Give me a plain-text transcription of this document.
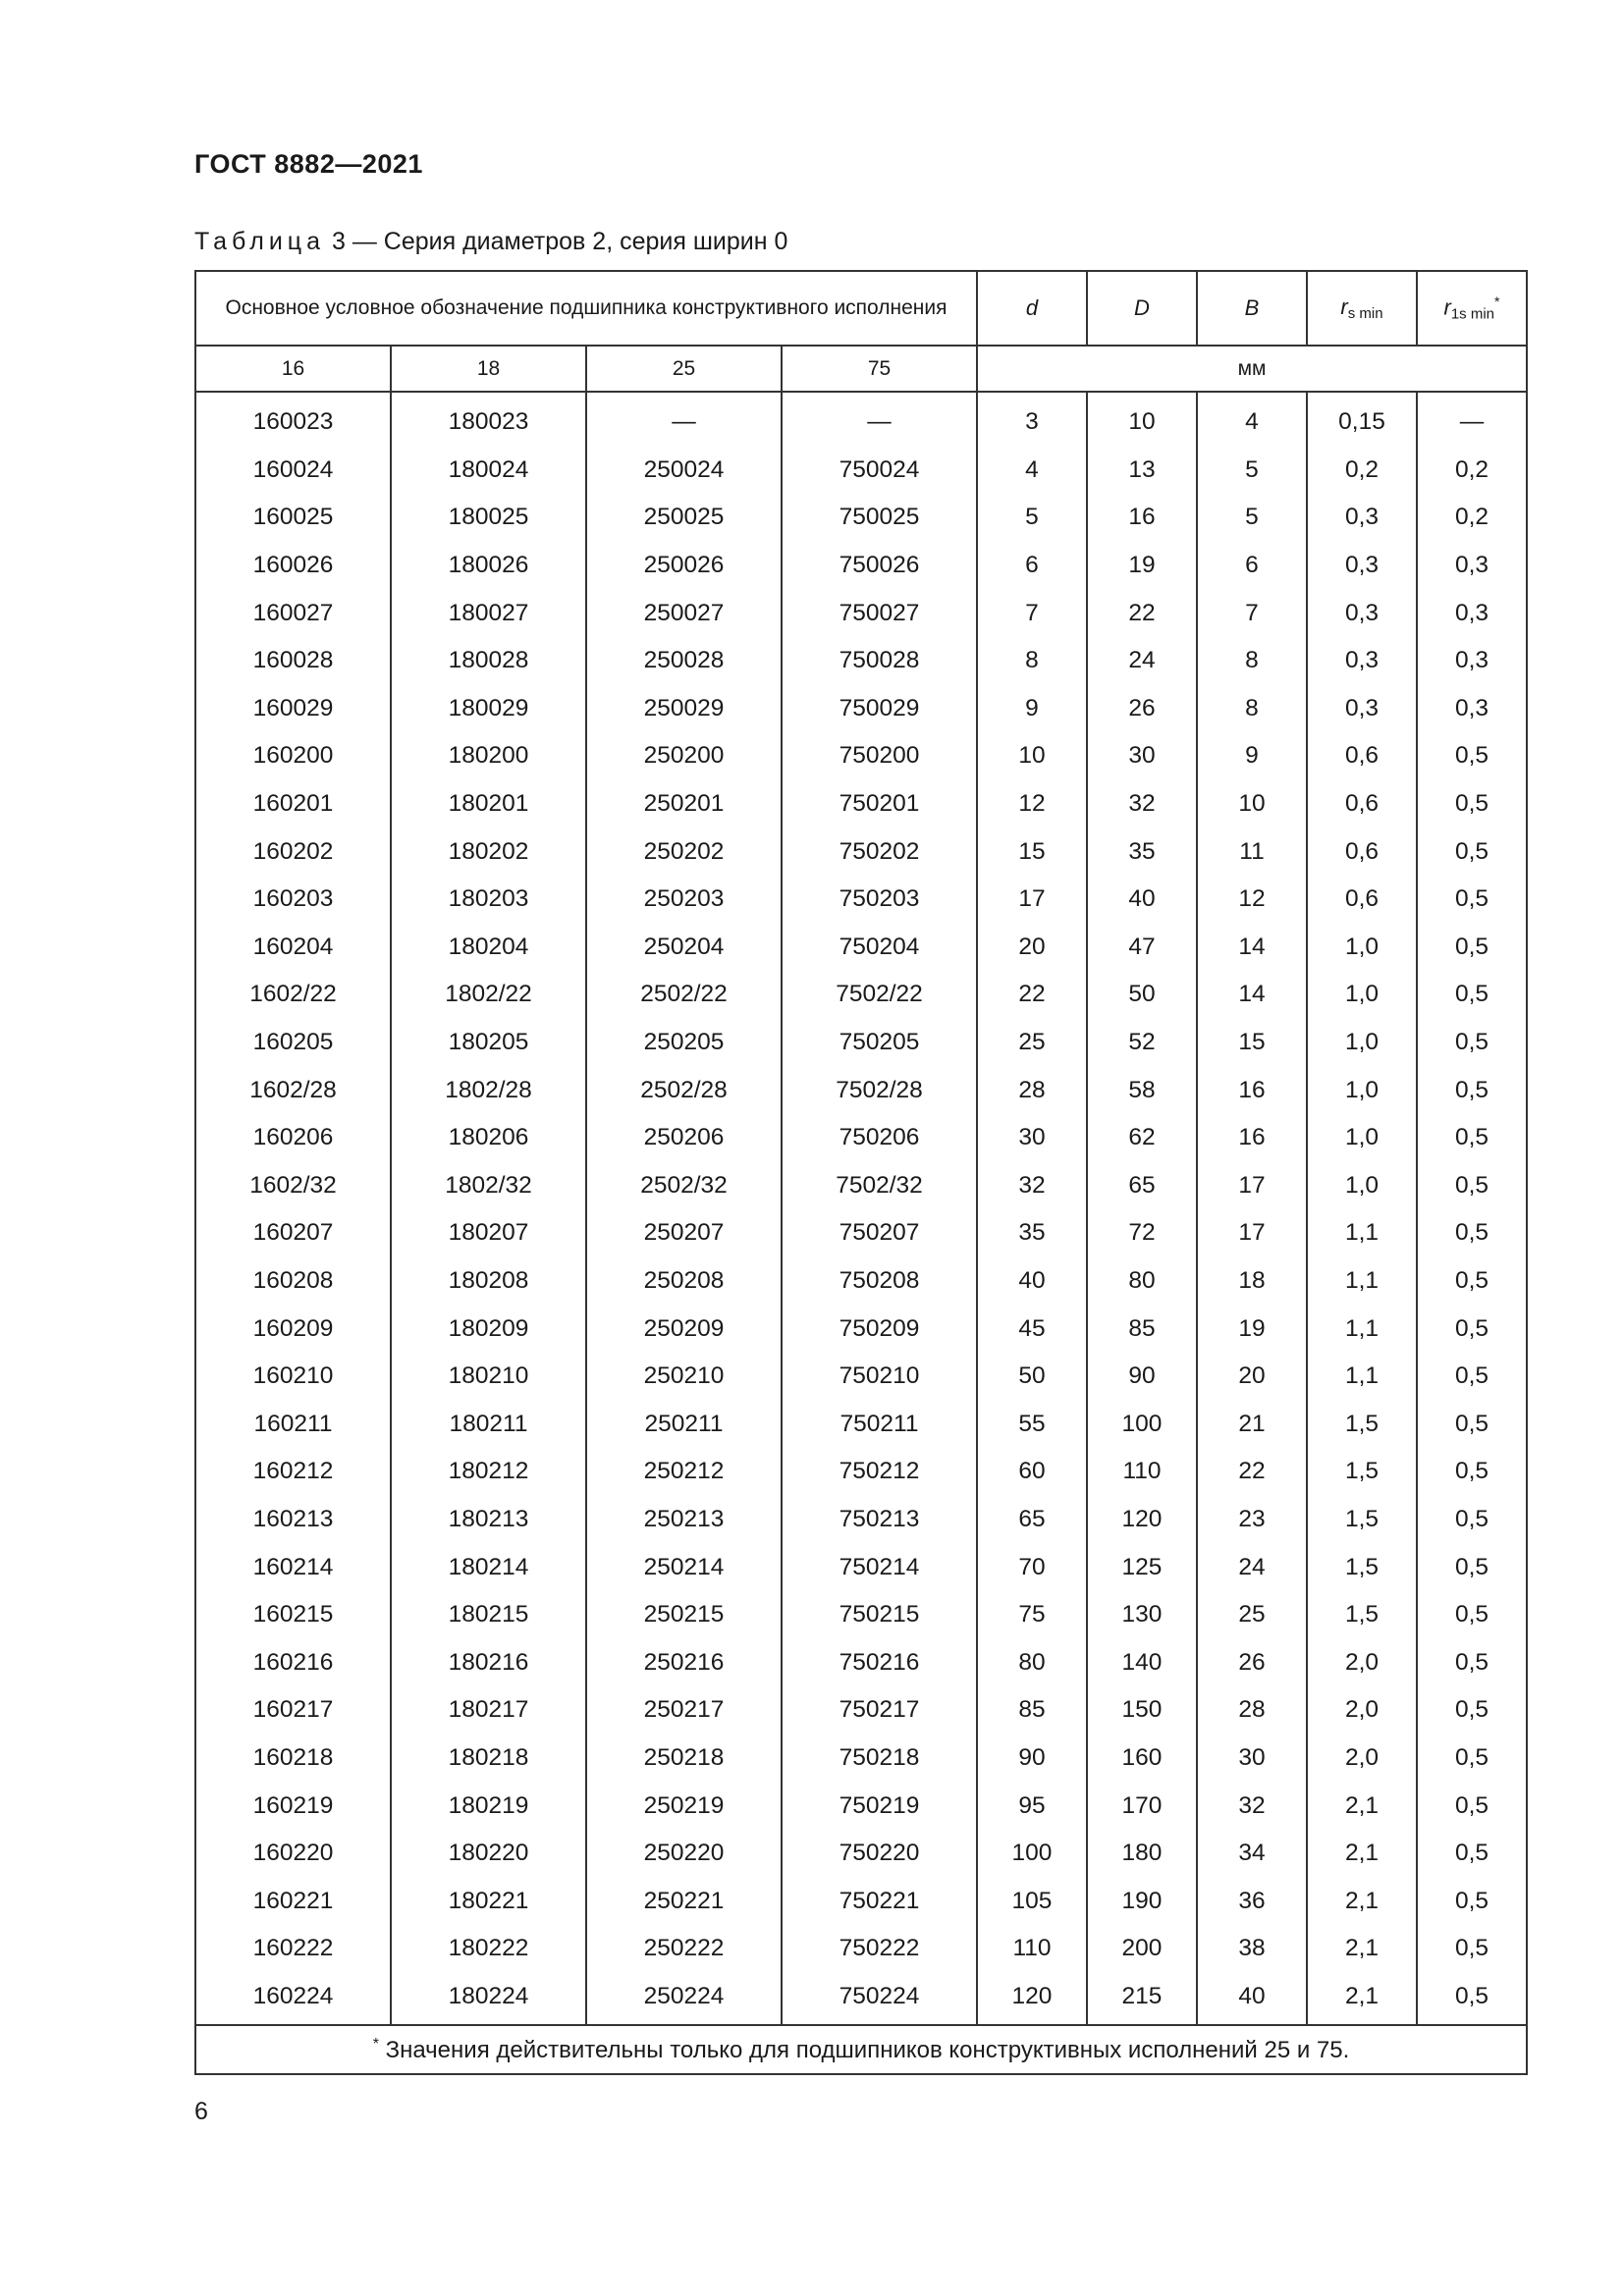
ГОСТ 8882—2021
Таблица 3 — Серия диаметров 2, серия ширин 0
Основное условное обозначение подшипника конструктивного исполнения				d	D	B	$r_{s min}$	$r_{1s min}^*$
16	18	25	75	мм				
160023	180023	—	—	3	10	4	0,15	—
160024	180024	250024	750024	4	13	5	0,2	0,2
160025	180025	250025	750025	5	16	5	0,3	0,2
160026	180026	250026	750026	6	19	6	0,3	0,3
160027	180027	250027	750027	7	22	7	0,3	0,3
160028	180028	250028	750028	8	24	8	0,3	0,3
160029	180029	250029	750029	9	26	8	0,3	0,3
160200	180200	250200	750200	10	30	9	0,6	0,5
160201	180201	250201	750201	12	32	10	0,6	0,5
160202	180202	250202	750202	15	35	11	0,6	0,5
160203	180203	250203	750203	17	40	12	0,6	0,5
160204	180204	250204	750204	20	47	14	1,0	0,5
1602/22	1802/22	2502/22	7502/22	22	50	14	1,0	0,5
160205	180205	250205	750205	25	52	15	1,0	0,5
1602/28	1802/28	2502/28	7502/28	28	58	16	1,0	0,5
160206	180206	250206	750206	30	62	16	1,0	0,5
1602/32	1802/32	2502/32	7502/32	32	65	17	1,0	0,5
160207	180207	250207	750207	35	72	17	1,1	0,5
160208	180208	250208	750208	40	80	18	1,1	0,5
160209	180209	250209	750209	45	85	19	1,1	0,5
160210	180210	250210	750210	50	90	20	1,1	0,5
160211	180211	250211	750211	55	100	21	1,5	0,5
160212	180212	250212	750212	60	110	22	1,5	0,5
160213	180213	250213	750213	65	120	23	1,5	0,5
160214	180214	250214	750214	70	125	24	1,5	0,5
160215	180215	250215	750215	75	130	25	1,5	0,5
160216	180216	250216	750216	80	140	26	2,0	0,5
160217	180217	250217	750217	85	150	28	2,0	0,5
160218	180218	250218	750218	90	160	30	2,0	0,5
160219	180219	250219	750219	95	170	32	2,1	0,5
160220	180220	250220	750220	100	180	34	2,1	0,5
160221	180221	250221	750221	105	190	36	2,1	0,5
160222	180222	250222	750222	110	200	38	2,1	0,5
160224	180224	250224	750224	120	215	40	2,1	0,5
* Значения действительны только для подшипников конструктивных исполнений 25 и 75.								
6
